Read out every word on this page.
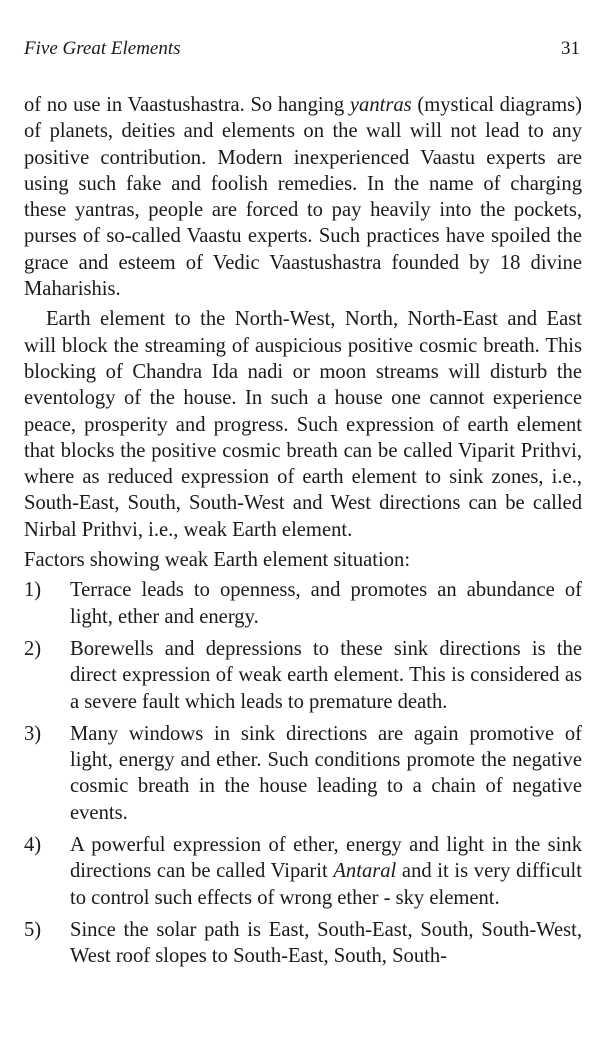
Five Great Elements	31

of no use in Vaastushastra. So hanging yantras (mystical diagrams) of planets, deities and elements on the wall will not lead to any positive contribution. Modern inexperienced Vaastu experts are using such fake and foolish remedies. In the name of charging these yantras, people are forced to pay heavily into the pockets, purses of so-called Vaastu experts. Such practices have spoiled the grace and esteem of Vedic Vaastushastra founded by 18 divine Maharishis.

Earth element to the North-West, North, North-East and East will block the streaming of auspicious positive cosmic breath. This blocking of Chandra Ida nadi or moon streams will disturb the eventology of the house. In such a house one cannot experience peace, prosperity and progress. Such expression of earth element that blocks the positive cosmic breath can be called Viparit Prithvi, where as reduced expression of earth element to sink zones, i.e., South-East, South, South-West and West directions can be called Nirbal Prithvi, i.e., weak Earth element.

Factors showing weak Earth element situation:

1)	Terrace leads to openness, and promotes an abundance of light, ether and energy.
2)	Borewells and depressions to these sink directions is the direct expression of weak earth element. This is considered as a severe fault which leads to premature death.
3)	Many windows in sink directions are again promotive of light, energy and ether. Such conditions promote the negative cosmic breath in the house leading to a chain of negative events.
4)	A powerful expression of ether, energy and light in the sink directions can be called Viparit Antaral and it is very difficult to control such effects of wrong ether - sky element.
5)	Since the solar path is East, South-East, South, South-West, West roof slopes to South-East, South, South-
